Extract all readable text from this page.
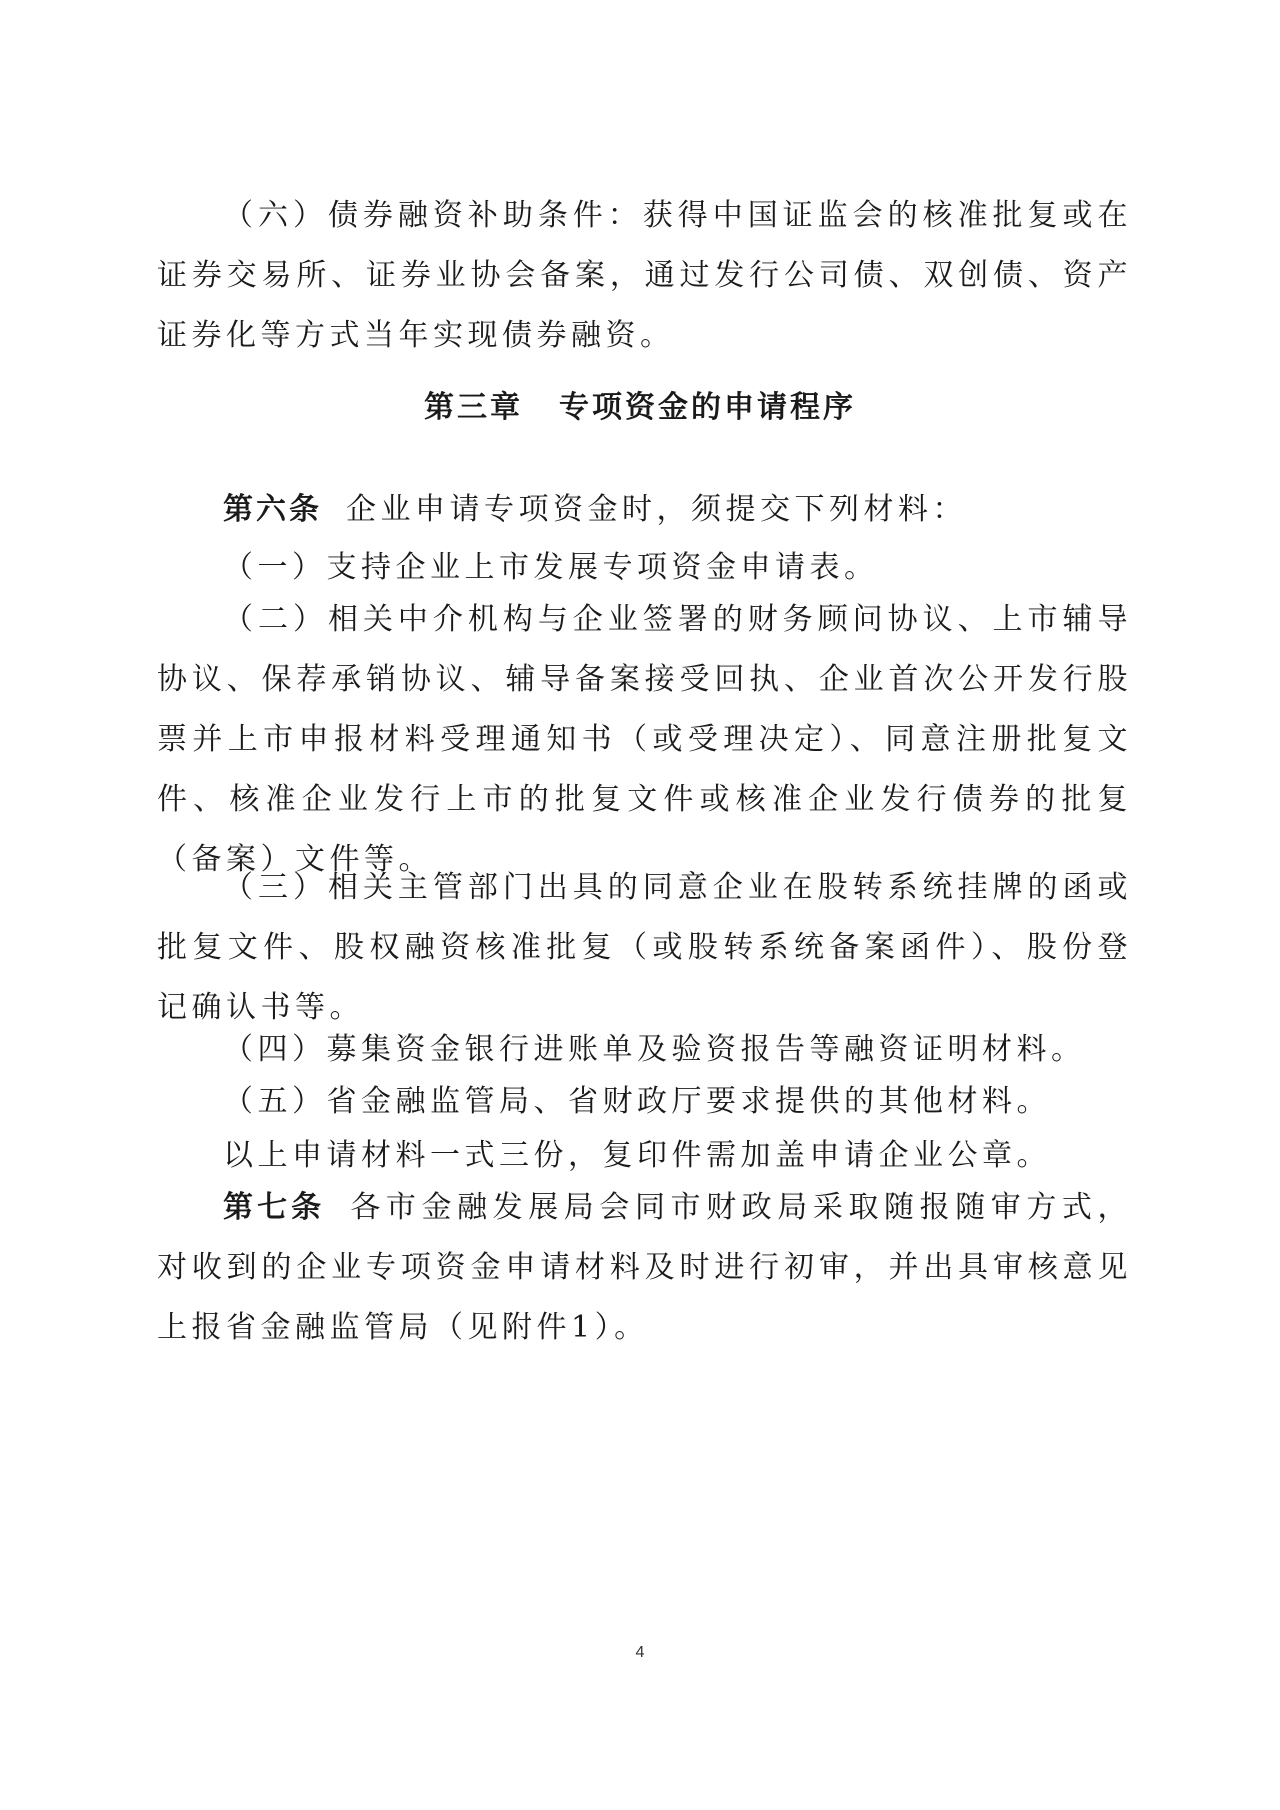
（六）债券融资补助条件：获得中国证监会的核准批复或在证券交易所、证券业协会备案，通过发行公司债、双创债、资产证券化等方式当年实现债券融资。

第三章 专项资金的申请程序

第六条 企业申请专项资金时，须提交下列材料：

（一）支持企业上市发展专项资金申请表。

（二）相关中介机构与企业签署的财务顾问协议、上市辅导协议、保荐承销协议、辅导备案接受回执、企业首次公开发行股票并上市申报材料受理通知书（或受理决定）、同意注册批复文件、核准企业发行上市的批复文件或核准企业发行债券的批复（备案）文件等。

（三）相关主管部门出具的同意企业在股转系统挂牌的函或批复文件、股权融资核准批复（或股转系统备案函件）、股份登记确认书等。

（四）募集资金银行进账单及验资报告等融资证明材料。

（五）省金融监管局、省财政厅要求提供的其他材料。

以上申请材料一式三份，复印件需加盖申请企业公章。

第七条 各市金融发展局会同市财政局采取随报随审方式，对收到的企业专项资金申请材料及时进行初审，并出具审核意见上报省金融监管局（见附件1）。

4
